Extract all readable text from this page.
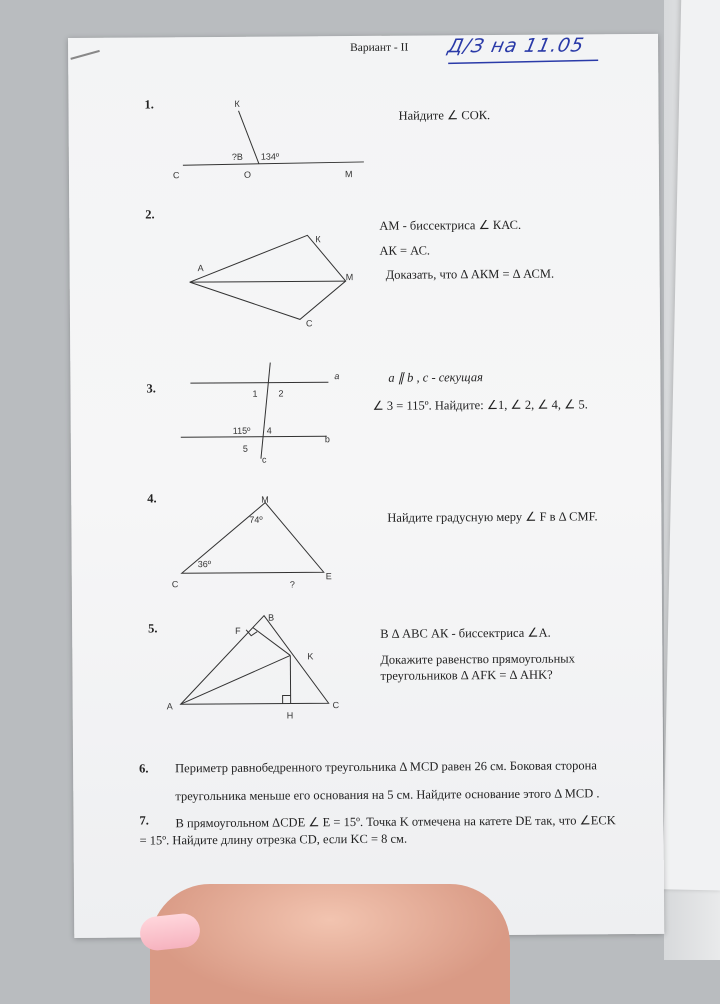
Вариант - II Д/З на 11.05
1.
Найдите ∠ СОК.
К
С	О	М
?B 134º
2.
АМ - биссектриса ∠ КАС.
АК = АС.
Доказать, что Δ АКМ = Δ АСМ.
К
А
М
С
3.
a ∥ b , с - секущая
∠ 3 = 115º. Найдите: ∠1, ∠ 2, ∠ 4, ∠ 5.
a
1 2
115º 4
b
5
c
4.
Найдите градусную меру ∠ F в Δ CMF.
M
74º
36º
C	?
E
5.	В Δ АВС АК - биссектриса ∠А.
Докажите равенство прямоугольных
треугольников Δ AFK = Δ AHK?
B
F
K
A
H
C
6. Периметр равнобедренного треугольника Δ MCD равен 26 см. Боковая сторона
треугольника меньше его основания на 5 см. Найдите основание этого Δ MCD .
7. В прямоугольном ΔCDE ∠ E = 15º. Точка K отмечена на катете DE так, что ∠ECK
= 15º. Найдите длину отрезка CD, если KC = 8 см.
